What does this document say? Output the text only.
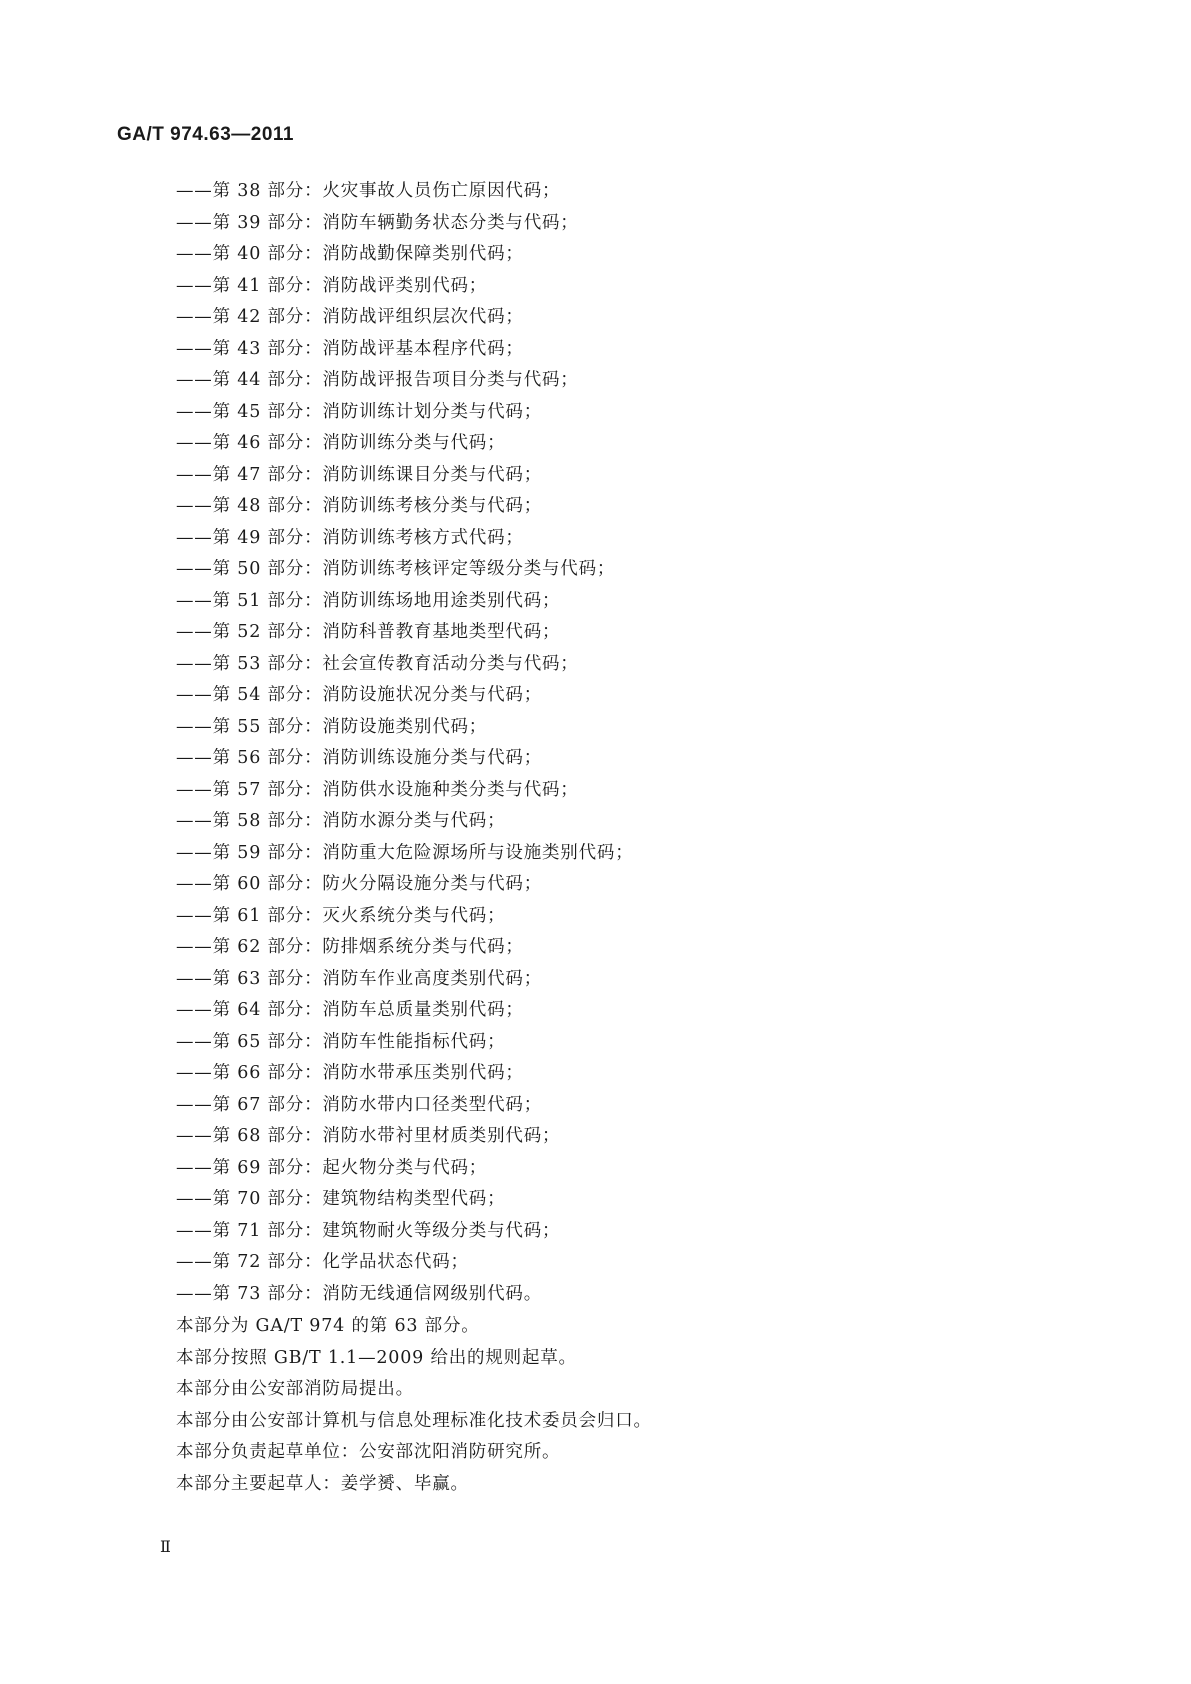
GA/T 974.63—2011
——第 38 部分：火灾事故人员伤亡原因代码；
——第 39 部分：消防车辆勤务状态分类与代码；
——第 40 部分：消防战勤保障类别代码；
——第 41 部分：消防战评类别代码；
——第 42 部分：消防战评组织层次代码；
——第 43 部分：消防战评基本程序代码；
——第 44 部分：消防战评报告项目分类与代码；
——第 45 部分：消防训练计划分类与代码；
——第 46 部分：消防训练分类与代码；
——第 47 部分：消防训练课目分类与代码；
——第 48 部分：消防训练考核分类与代码；
——第 49 部分：消防训练考核方式代码；
——第 50 部分：消防训练考核评定等级分类与代码；
——第 51 部分：消防训练场地用途类别代码；
——第 52 部分：消防科普教育基地类型代码；
——第 53 部分：社会宣传教育活动分类与代码；
——第 54 部分：消防设施状况分类与代码；
——第 55 部分：消防设施类别代码；
——第 56 部分：消防训练设施分类与代码；
——第 57 部分：消防供水设施种类分类与代码；
——第 58 部分：消防水源分类与代码；
——第 59 部分：消防重大危险源场所与设施类别代码；
——第 60 部分：防火分隔设施分类与代码；
——第 61 部分：灭火系统分类与代码；
——第 62 部分：防排烟系统分类与代码；
——第 63 部分：消防车作业高度类别代码；
——第 64 部分：消防车总质量类别代码；
——第 65 部分：消防车性能指标代码；
——第 66 部分：消防水带承压类别代码；
——第 67 部分：消防水带内口径类型代码；
——第 68 部分：消防水带衬里材质类别代码；
——第 69 部分：起火物分类与代码；
——第 70 部分：建筑物结构类型代码；
——第 71 部分：建筑物耐火等级分类与代码；
——第 72 部分：化学品状态代码；
——第 73 部分：消防无线通信网级别代码。

本部分为 GA/T 974 的第 63 部分。

本部分按照 GB/T 1.1—2009 给出的规则起草。

本部分由公安部消防局提出。

本部分由公安部计算机与信息处理标准化技术委员会归口。

本部分负责起草单位：公安部沈阳消防研究所。

本部分主要起草人：姜学赟、毕赢。

Ⅱ
